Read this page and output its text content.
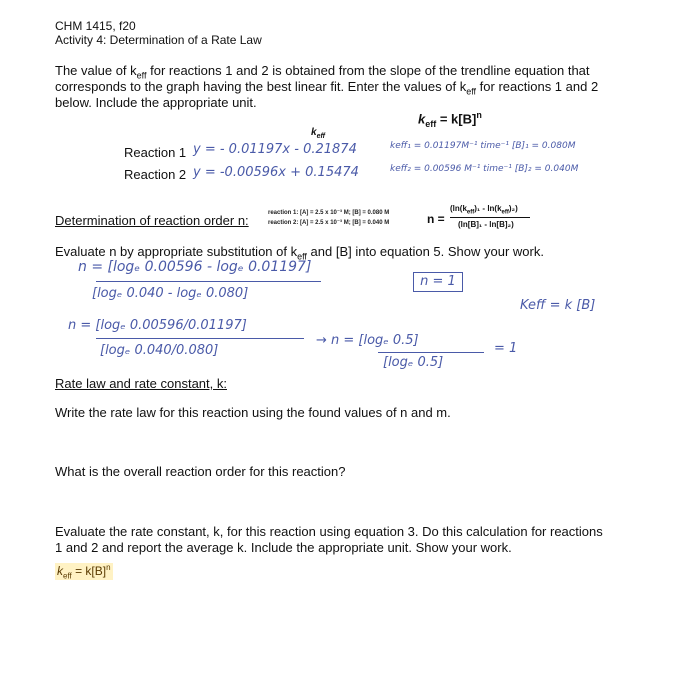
CHM 1415, f20
Activity 4: Determination of a Rate Law
The value of $k_{eff}$ for reactions 1 and 2 is obtained from the slope of the trendline equation that
corresponds to the graph having the best linear fit. Enter the values of $k_{eff}$ for reactions 1 and 2
below. Include the appropriate unit.
$k_{eff} = k[B]^n$
$k_{eff}$
Reaction 1 y = - 0.01197x - 0.21874	keff₁ = 0.01197M⁻¹ time⁻¹ [B]₁ = 0.080M
Reaction 2 y = -0.00596x + 0.15474	keff₂ = 0.00596 M⁻¹ time⁻¹ [B]₂ = 0.040M
Determination of reaction order n:	reaction 1: [A] = 2.5 x 10⁻³ M; [B] = 0.080 M
reaction 2: [A] = 2.5 x 10⁻³ M; [B] = 0.040 M	n =
$(\ln(k_{eff})_1 - \ln(k_{eff})_2)$
(ln[B]₁ - ln[B]₂)
Evaluate n by appropriate substitution of $k_{eff}$ and [B] into equation 5. Show your work.
n = [logₑ 0.00596 - logₑ 0.01197]
[logₑ 0.040 - logₑ 0.080]
n = 1
Keff = k [B]
n = [logₑ 0.00596/0.01197]
[logₑ 0.040/0.080]
→ n = [logₑ 0.5]
[logₑ 0.5]
= 1
Rate law and rate constant, k:
Write the rate law for this reaction using the found values of n and m.
What is the overall reaction order for this reaction?
Evaluate the rate constant, k, for this reaction using equation 3. Do this calculation for reactions
1 and 2 and report the average k. Include the appropriate unit. Show your work.
$k_{eff} = k[B]^n$
